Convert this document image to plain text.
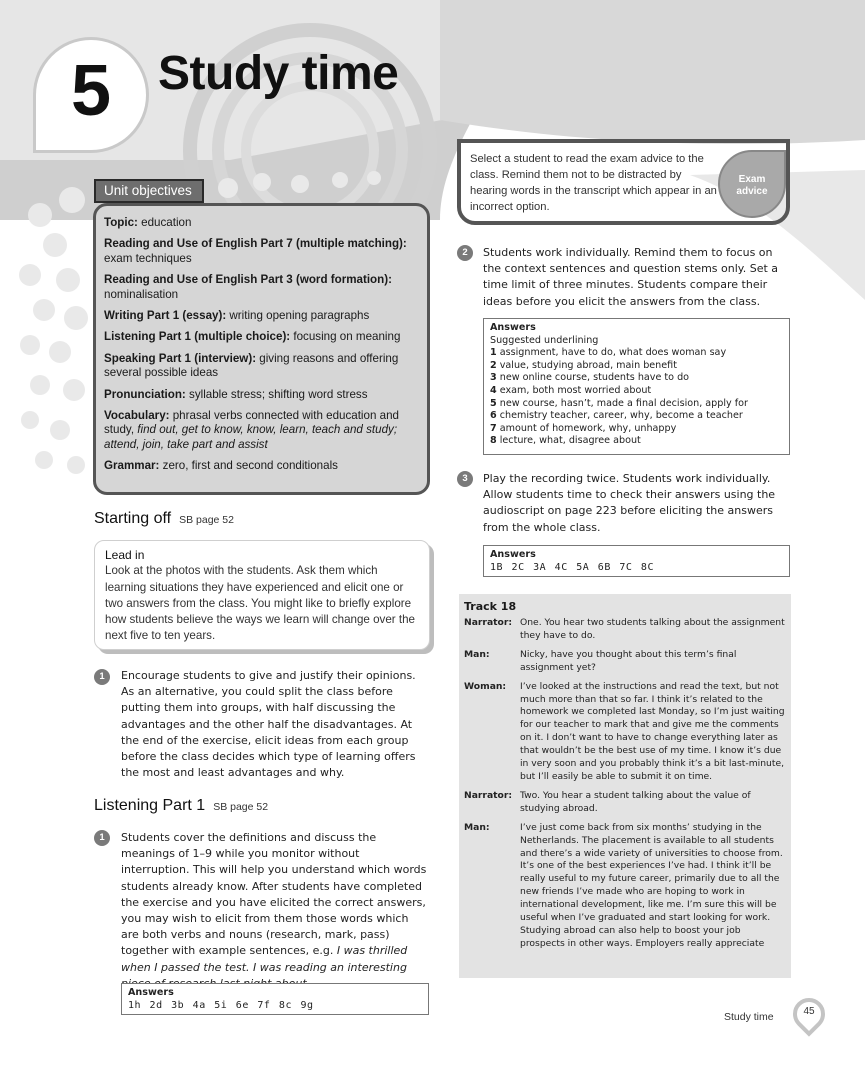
5 Study time
Topic: education
Reading and Use of English Part 7 (multiple matching): exam techniques
Reading and Use of English Part 3 (word formation): nominalisation
Writing Part 1 (essay): writing opening paragraphs
Listening Part 1 (multiple choice): focusing on meaning
Speaking Part 1 (interview): giving reasons and offering several possible ideas
Pronunciation: syllable stress; shifting word stress
Vocabulary: phrasal verbs connected with education and study, find out, get to know, know, learn, teach and study; attend, join, take part and assist
Grammar: zero, first and second conditionals
Unit objectives
Starting off SB page 52
Lead in
Look at the photos with the students. Ask them which learning situations they have experienced and elicit one or two answers from the class. You might like to briefly explore how students believe the ways we learn will change over the next five to ten years.
1	Encourage students to give and justify their opinions. As an alternative, you could split the class before putting them into groups, with half discussing the advantages and the other half the disadvantages. At the end of the exercise, elicit ideas from each group before the class decides which type of learning offers the most and least advantages and why.
Listening Part 1 SB page 52
1	Students cover the definitions and discuss the meanings of 1–9 while you monitor without interruption. This will help you understand which words students already know. After students have completed the exercise and you have elicited the correct answers, you may wish to elicit from them those words which are both verbs and nouns (research, mark, pass) together with example sentences, e.g. I was thrilled when I passed the test. I was reading an interesting
Answers
1h 2d 3b 4a 5i 6e 7f 8c 9g
Select a student to read the exam advice to the class. Remind them not to be distracted by hearing words in the transcript which appear in an incorrect option.
Exam
advice
2	Students work individually. Remind them to focus on the context sentences and question stems only. Set a time limit of three minutes. Students compare their ideas before you elicit the answers from the class.
Answers
Suggested underlining
1 assignment, have to do, what does woman say
2 value, studying abroad, main benefit
3 new online course, students have to do
4 exam, both most worried about
5 new course, hasn’t, made a final decision, apply for
6 chemistry teacher, career, why, become a teacher
7 amount of homework, why, unhappy
8 lecture, what, disagree about
3	Play the recording twice. Students work individually. Allow students time to check their answers using the audioscript on page 223 before eliciting the answers from the whole class.
Answers
1B 2C 3A 4C 5A 6B 7C 8C
Track 18
Narrator: One. You hear two students talking about the assignment they have to do.
Man:	Nicky, have you thought about this term’s final assignment yet?
Woman:	I’ve looked at the instructions and read the text, but not much more than that so far. I think it’s related to the homework we completed last Monday, so I’m just waiting for our teacher to mark that and give me the comments on it. I don’t want to have to change everything later as that wouldn’t be the best use of my time. I know it’s due in very soon and you probably think it’s a bit last-minute, but I’ll easily be able to submit it on time.
Narrator: Two. You hear a student talking about the value of studying abroad.
Man:	I’ve just come back from six months’ studying in the Netherlands. The placement is available to all students and there’s a wide variety of universities to choose from. It’s one of the best experiences I’ve had. I think it’ll be really useful to my future career, primarily due to all the new friends I’ve made who are hoping to work in international development, like me. I’m sure this will be useful when I’ve graduated and start looking for work. Studying abroad can also help to boost your job prospects in other ways. Employers really appreciate
Study time	45
